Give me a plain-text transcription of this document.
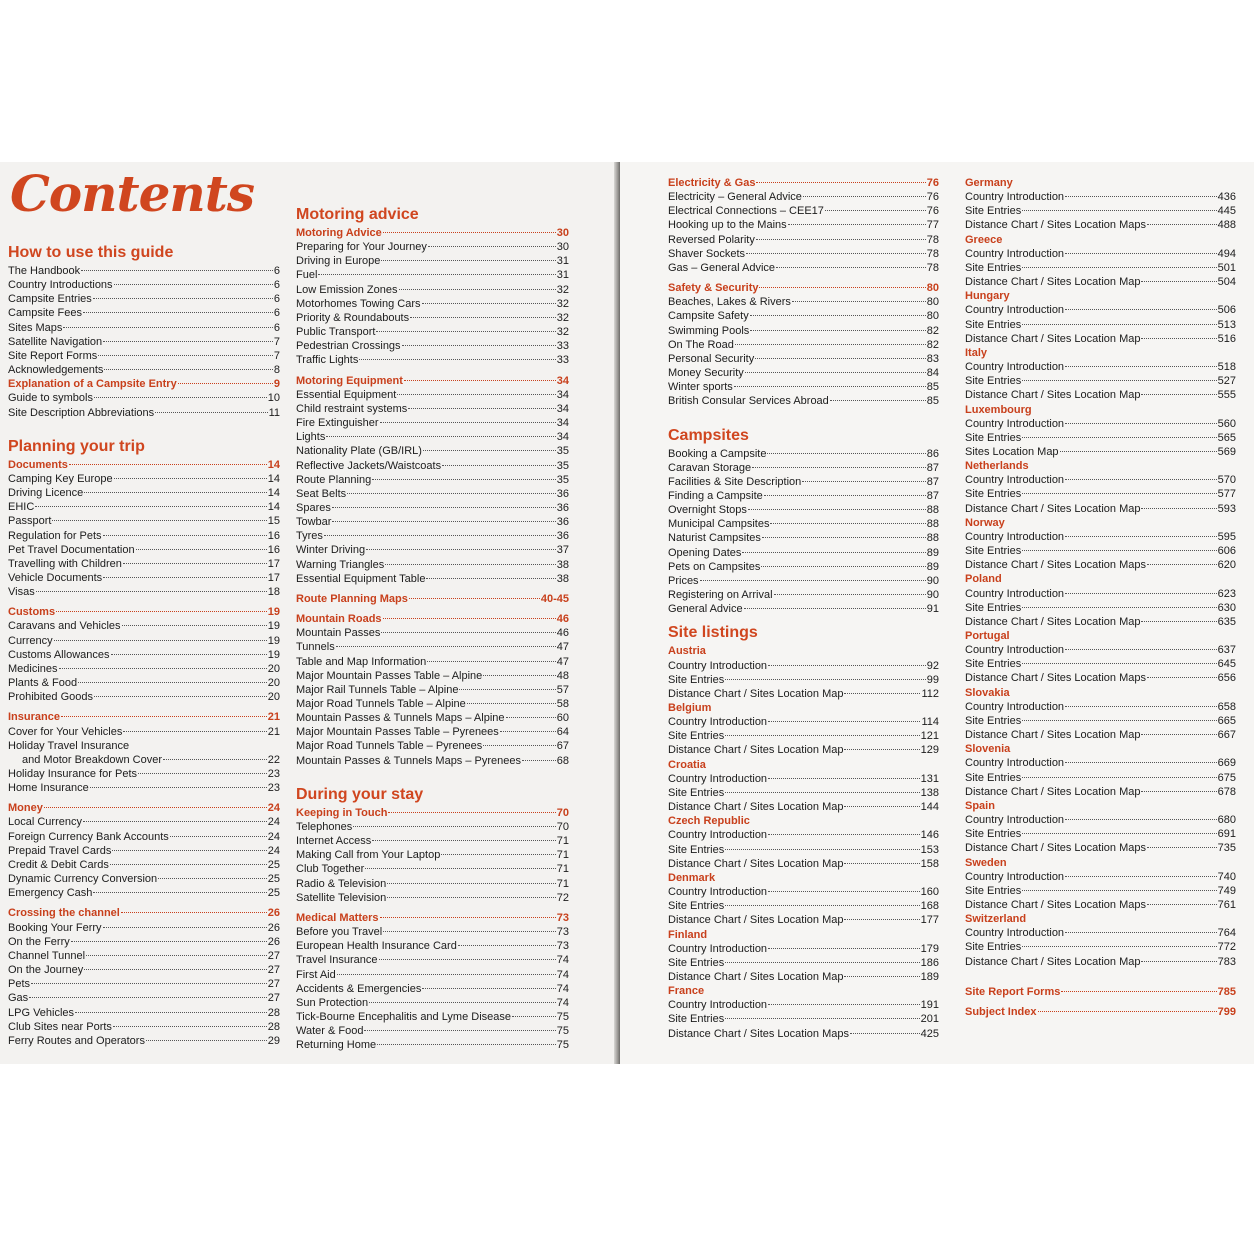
Contents
How to use this guide
The Handbook	6
Country Introductions	6
Campsite Entries	6
Campsite Fees	6
Sites Maps	6
Satellite Navigation	7
Site Report Forms	7
Acknowledgements	8
Explanation of a Campsite Entry	9
Guide to symbols	10
Site Description Abbreviations	11
Planning your trip
Documents	14
Camping Key Europe	14
Driving Licence	14
EHIC	14
Passport	15
Regulation for Pets	16
Pet Travel Documentation	16
Travelling with Children	17
Vehicle Documents	17
Visas	18
Customs	19
Caravans and Vehicles	19
Currency	19
Customs Allowances	19
Medicines	20
Plants & Food	20
Prohibited Goods	20
Insurance	21
Cover for Your Vehicles	21
Holiday Travel Insurance
and Motor Breakdown Cover	22
Holiday Insurance for Pets	23
Home Insurance	23
Money	24
Local Currency	24
Foreign Currency Bank Accounts	24
Prepaid Travel Cards	24
Credit & Debit Cards	25
Dynamic Currency Conversion	25
Emergency Cash	25
Crossing the channel	26
Booking Your Ferry	26
On the Ferry	26
Channel Tunnel	27
On the Journey	27
Pets	27
Gas	27
LPG Vehicles	28
Club Sites near Ports	28
Ferry Routes and Operators	29
Motoring advice
Motoring Advice	30
Preparing for Your Journey	30
Driving in Europe	31
Fuel	31
Low Emission Zones	32
Motorhomes Towing Cars	32
Priority & Roundabouts	32
Public Transport	32
Pedestrian Crossings	33
Traffic Lights	33
Motoring Equipment	34
Essential Equipment	34
Child restraint systems	34
Fire Extinguisher	34
Lights	34
Nationality Plate (GB/IRL)	35
Reflective Jackets/Waistcoats	35
Route Planning	35
Seat Belts	36
Spares	36
Towbar	36
Tyres	36
Winter Driving	37
Warning Triangles	38
Essential Equipment Table	38
Route Planning Maps	40-45
Mountain Roads	46
Mountain Passes	46
Tunnels	47
Table and Map Information	47
Major Mountain Passes Table – Alpine	48
Major Rail Tunnels Table – Alpine	57
Major Road Tunnels Table – Alpine	58
Mountain Passes & Tunnels Maps – Alpine	60
Major Mountain Passes Table – Pyrenees	64
Major Road Tunnels Table – Pyrenees	67
Mountain Passes & Tunnels Maps – Pyrenees	68
During your stay
Keeping in Touch	70
Telephones	70
Internet Access	71
Making Call from Your Laptop	71
Club Together	71
Radio & Television	71
Satellite Television	72
Medical Matters	73
Before you Travel	73
European Health Insurance Card	73
Travel Insurance	74
First Aid	74
Accidents & Emergencies	74
Sun Protection	74
Tick-Bourne Encephalitis and Lyme Disease	75
Water & Food	75
Returning Home	75
Electricity & Gas	76
Electricity – General Advice	76
Electrical Connections – CEE17	76
Hooking up to the Mains	77
Reversed Polarity	78
Shaver Sockets	78
Gas – General Advice	78
Safety & Security	80
Beaches, Lakes & Rivers	80
Campsite Safety	80
Swimming Pools	82
On The Road	82
Personal Security	83
Money Security	84
Winter sports	85
British Consular Services Abroad	85
Campsites
Booking a Campsite	86
Caravan Storage	87
Facilities & Site Description	87
Finding a Campsite	87
Overnight Stops	88
Municipal Campsites	88
Naturist Campsites	88
Opening Dates	89
Pets on Campsites	89
Prices	90
Registering on Arrival	90
General Advice	91
Site listings
Austria
Country Introduction	92
Site Entries	99
Distance Chart / Sites Location Map	112
Belgium
Country Introduction	114
Site Entries	121
Distance Chart / Sites Location Map	129
Croatia
Country Introduction	131
Site Entries	138
Distance Chart / Sites Location Map	144
Czech Republic
Country Introduction	146
Site Entries	153
Distance Chart / Sites Location Map	158
Denmark
Country Introduction	160
Site Entries	168
Distance Chart / Sites Location Map	177
Finland
Country Introduction	179
Site Entries	186
Distance Chart / Sites Location Map	189
France
Country Introduction	191
Site Entries	201
Distance Chart / Sites Location Maps	425
Germany
Country Introduction	436
Site Entries	445
Distance Chart / Sites Location Maps	488
Greece
Country Introduction	494
Site Entries	501
Distance Chart / Sites Location Map	504
Hungary
Country Introduction	506
Site Entries	513
Distance Chart / Sites Location Map	516
Italy
Country Introduction	518
Site Entries	527
Distance Chart / Sites Location Map	555
Luxembourg
Country Introduction	560
Site Entries	565
Sites Location Map	569
Netherlands
Country Introduction	570
Site Entries	577
Distance Chart / Sites Location Map	593
Norway
Country Introduction	595
Site Entries	606
Distance Chart / Sites Location Maps	620
Poland
Country Introduction	623
Site Entries	630
Distance Chart / Sites Location Map	635
Portugal
Country Introduction	637
Site Entries	645
Distance Chart / Sites Location Maps	656
Slovakia
Country Introduction	658
Site Entries	665
Distance Chart / Sites Location Map	667
Slovenia
Country Introduction	669
Site Entries	675
Distance Chart / Sites Location Map	678
Spain
Country Introduction	680
Site Entries	691
Distance Chart / Sites Location Maps	735
Sweden
Country Introduction	740
Site Entries	749
Distance Chart / Sites Location Maps	761
Switzerland
Country Introduction	764
Site Entries	772
Distance Chart / Sites Location Map	783
Site Report Forms	785
Subject Index	799
